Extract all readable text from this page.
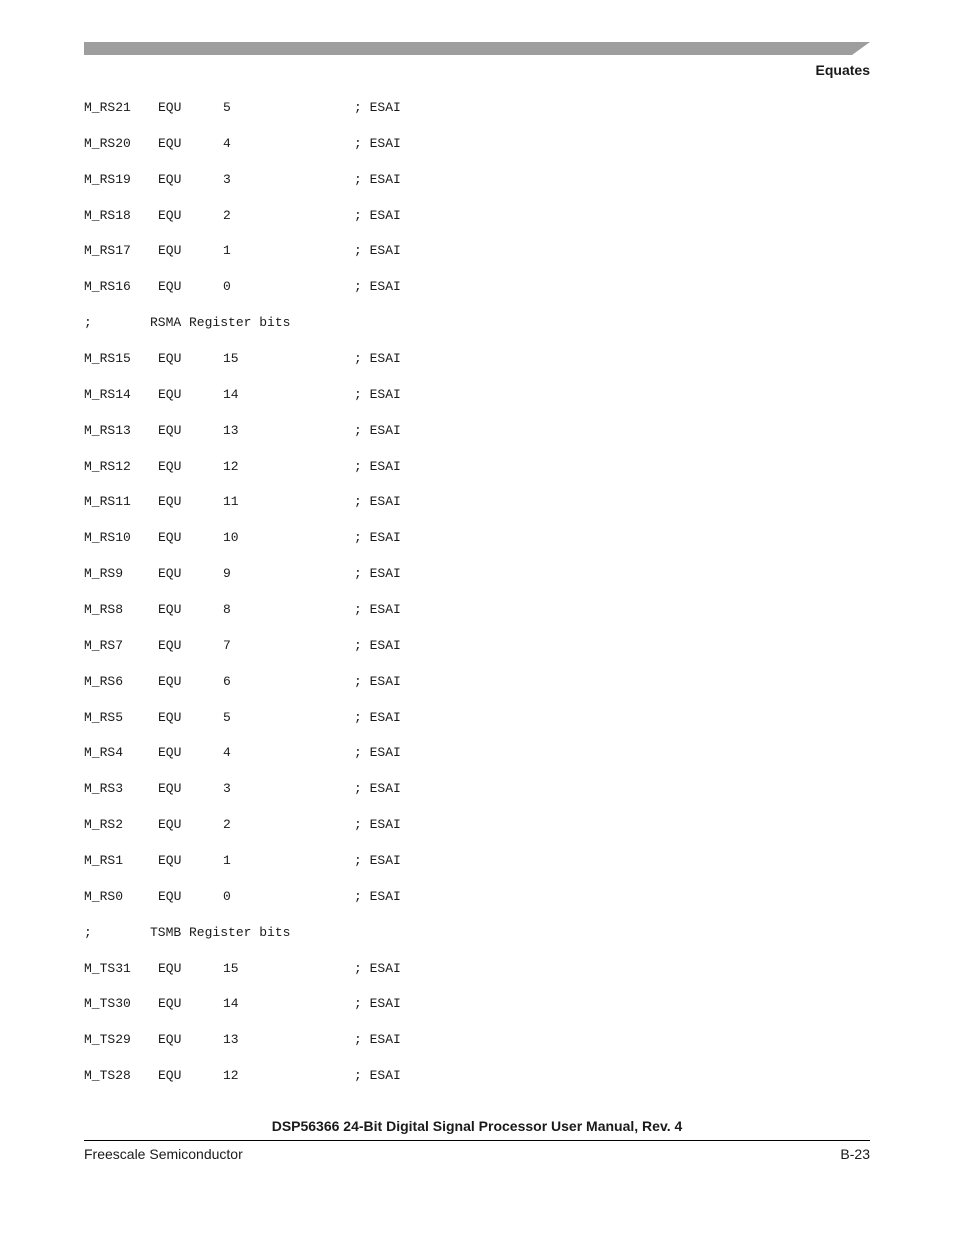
Equates
M_RS21 EQU	5	; ESAI
M_RS20 EQU	4	; ESAI
M_RS19 EQU	3	; ESAI
M_RS18 EQU	2	; ESAI
M_RS17 EQU	1	; ESAI
M_RS16 EQU	0	; ESAI
;	RSMA Register bits
M_RS15 EQU	15	; ESAI
M_RS14 EQU	14	; ESAI
M_RS13 EQU	13	; ESAI
M_RS12 EQU	12	; ESAI
M_RS11 EQU	11	; ESAI
M_RS10 EQU	10	; ESAI
M_RS9	EQU	9	; ESAI
M_RS8	EQU	8	; ESAI
M_RS7	EQU	7	; ESAI
M_RS6	EQU	6	; ESAI
M_RS5	EQU	5	; ESAI
M_RS4	EQU	4	; ESAI
M_RS3	EQU	3	; ESAI
M_RS2	EQU	2	; ESAI
M_RS1	EQU	1	; ESAI
M_RS0	EQU	0	; ESAI
;	TSMB Register bits
M_TS31 EQU	15	; ESAI
M_TS30 EQU	14	; ESAI
M_TS29 EQU	13	; ESAI
M_TS28 EQU	12	; ESAI
DSP56366 24-Bit Digital Signal Processor User Manual, Rev. 4
Freescale Semiconductor	B-23
